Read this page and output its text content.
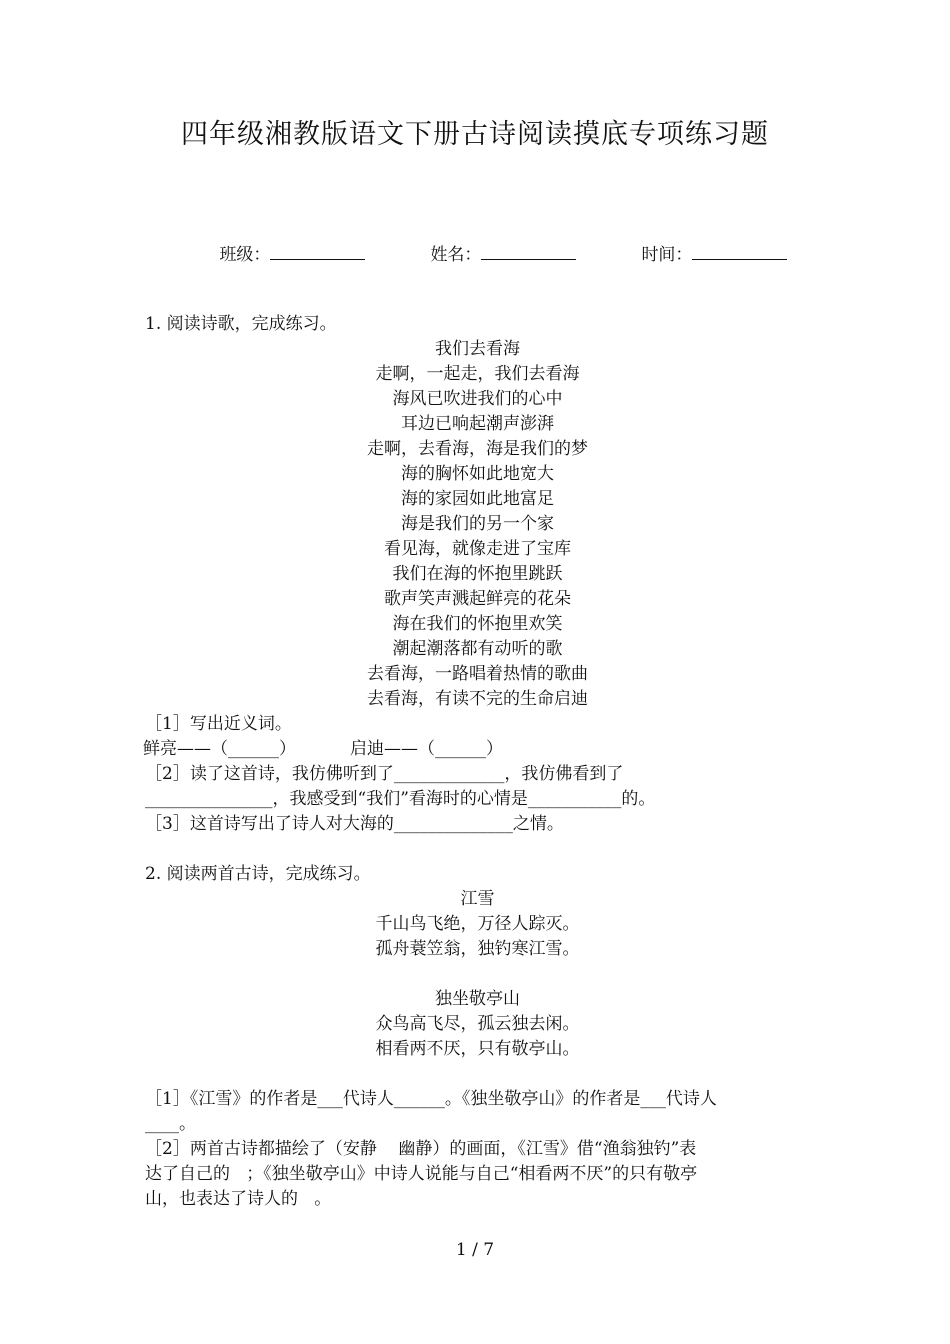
四年级湘教版语文下册古诗阅读摸底专项练习题

班级：
	姓名：
	时间：

1. 阅读诗歌，完成练习。
我们去看海
走啊，一起走，我们去看海
海风已吹进我们的心中
耳边已响起潮声澎湃
走啊，去看海，海是我们的梦
海的胸怀如此地宽大
海的家园如此地富足
海是我们的另一个家
看见海，就像走进了宝库
我们在海的怀抱里跳跃
歌声笑声溅起鲜亮的花朵
海在我们的怀抱里欢笑
潮起潮落都有动听的歌
去看海，一路唱着热情的歌曲
去看海，有读不完的生命启迪
［1］写出近义词。
鲜亮——（______）          启迪——（______）
［2］读了这首诗，我仿佛听到了_____________，我仿佛看到了
_______________，我感受到“我们”看海时的心情是___________的。
［3］这首诗写出了诗人对大海的______________之情。
2. 阅读两首古诗，完成练习。
江雪
千山鸟飞绝，万径人踪灭。
孤舟蓑笠翁，独钓寒江雪。
独坐敬亭山
众鸟高飞尽，孤云独去闲。
相看两不厌，只有敬亭山。
［1］《江雪》的作者是___代诗人______。《独坐敬亭山》的作者是___代诗人
____。
［2］两首古诗都描绘了（安静    幽静）的画面，《江雪》借“渔翁独钓”表
达了自己的   ；《独坐敬亭山》中诗人说能与自己“相看两不厌”的只有敬亭
山，也表达了诗人的   。
1 / 7
